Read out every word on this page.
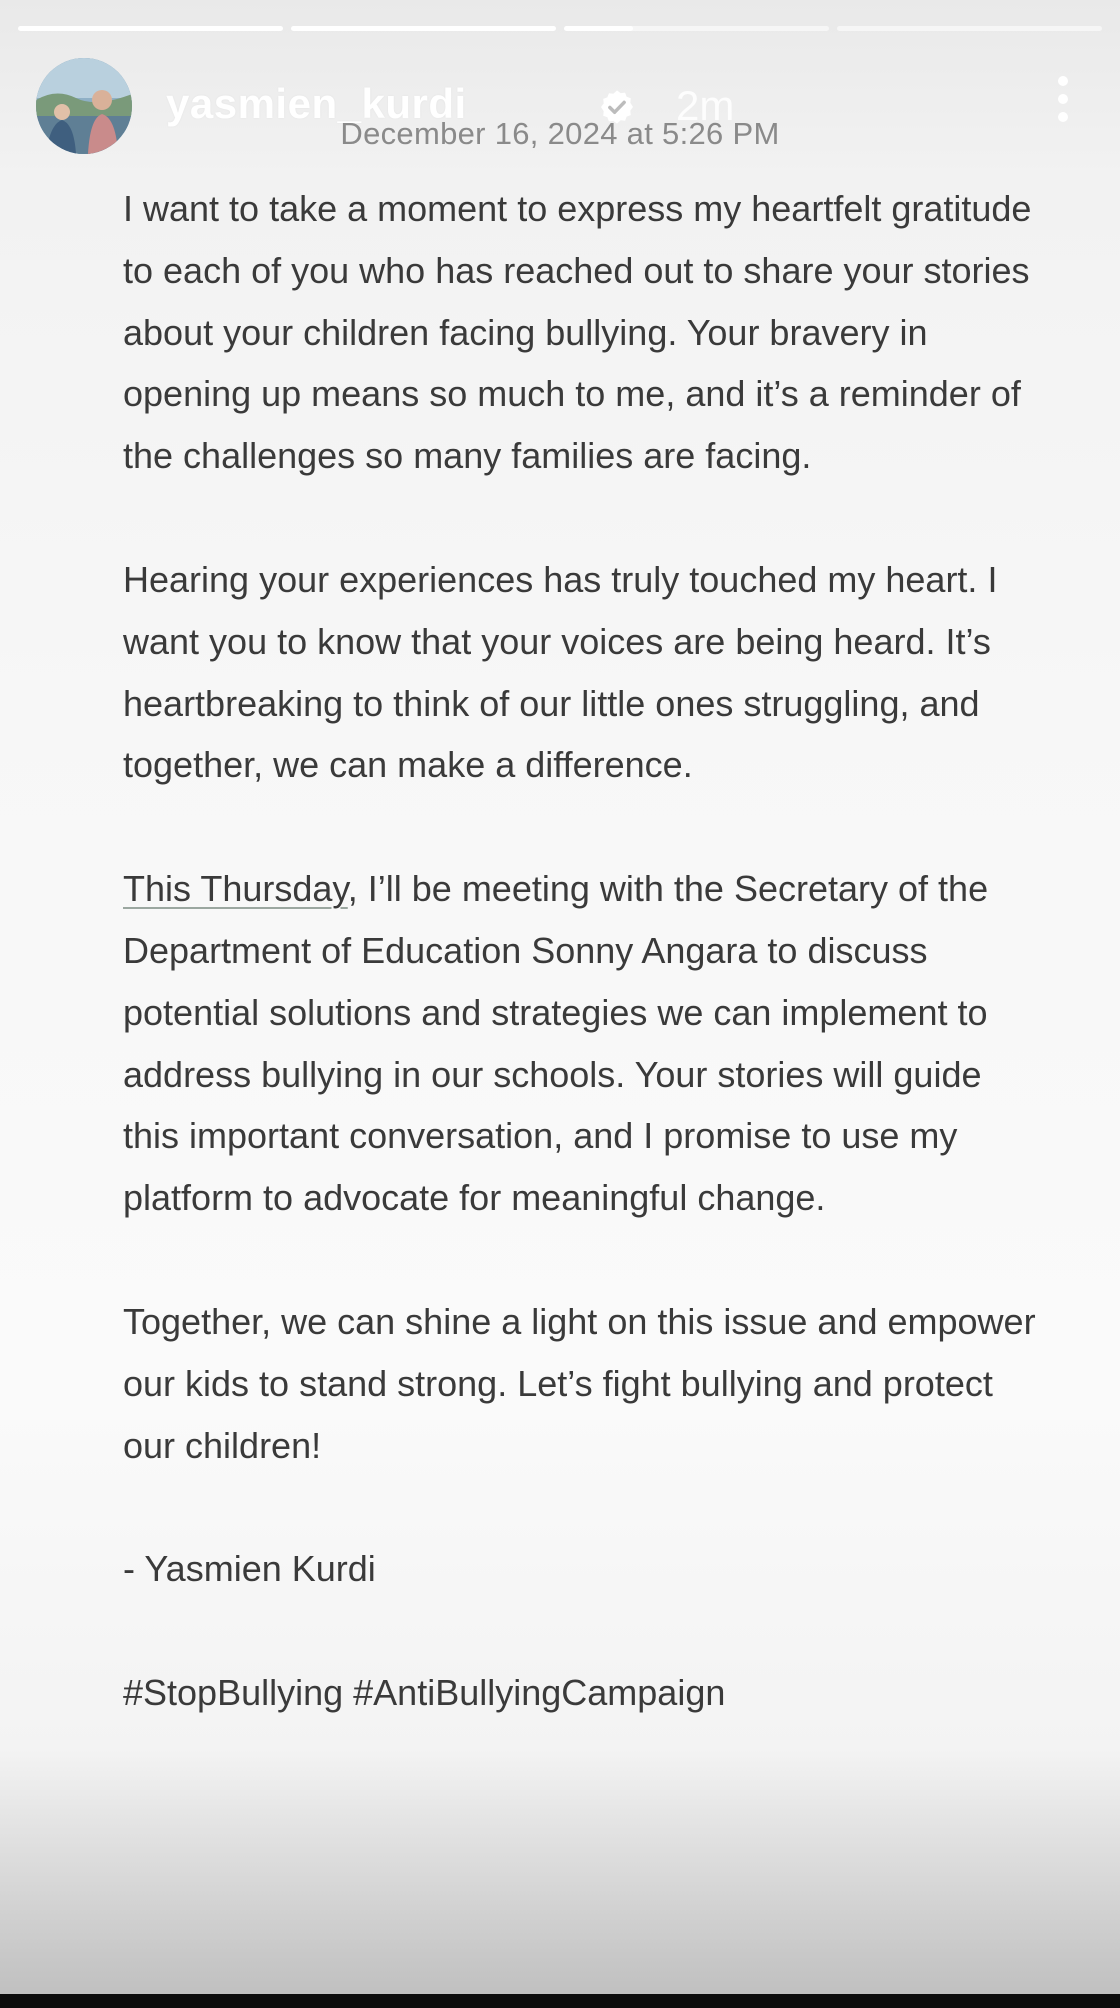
yasmien_kurdi	2m
December 16, 2024 at 5:26 PM

I want to take a moment to express my heartfelt gratitude to each of you who has reached out to share your stories about your children facing bullying. Your bravery in opening up means so much to me, and it’s a reminder of the challenges so many families are facing.

Hearing your experiences has truly touched my heart. I want you to know that your voices are being heard. It’s heartbreaking to think of our little ones struggling, and together, we can make a difference.

This Thursday, I’ll be meeting with the Secretary of the Department of Education Sonny Angara to discuss potential solutions and strategies we can implement to address bullying in our schools. Your stories will guide this important conversation, and I promise to use my platform to advocate for meaningful change.

Together, we can shine a light on this issue and empower our kids to stand strong. Let’s fight bullying and protect our children!

- Yasmien Kurdi

#StopBullying #AntiBullyingCampaign
